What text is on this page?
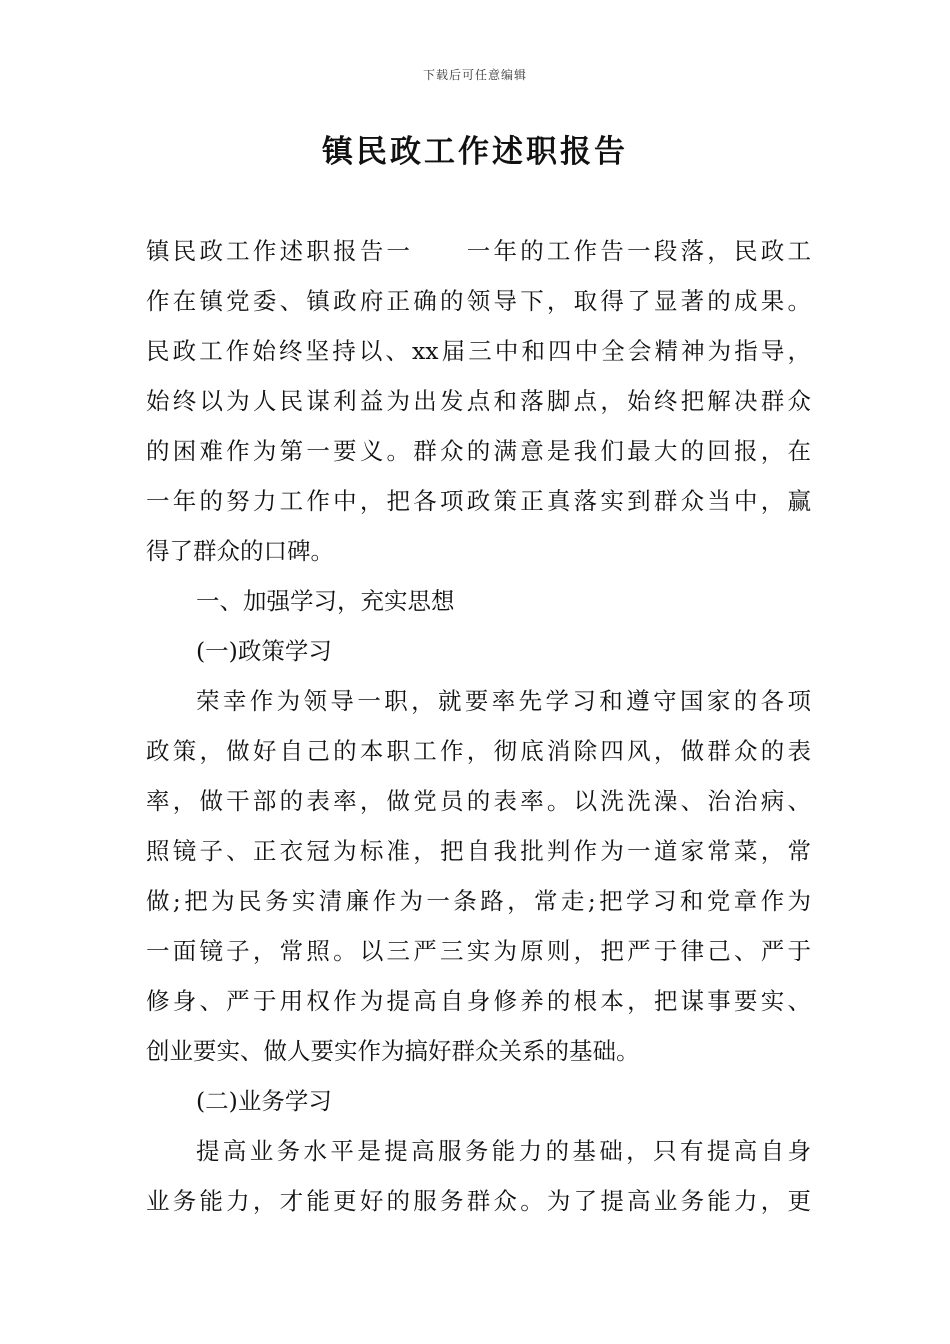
下载后可任意编辑
镇民政工作述职报告
镇民政工作述职报告一　　一年的工作告一段落，民政工
作在镇党委、镇政府正确的领导下，取得了显著的成果。
民政工作始终坚持以、xx届三中和四中全会精神为指导，
始终以为人民谋利益为出发点和落脚点，始终把解决群众
的困难作为第一要义。群众的满意是我们最大的回报，在
一年的努力工作中，把各项政策正真落实到群众当中，赢
得了群众的口碑。
一、加强学习，充实思想
(一)政策学习
荣幸作为领导一职，就要率先学习和遵守国家的各项
政策，做好自己的本职工作，彻底消除四风，做群众的表
率，做干部的表率，做党员的表率。以洗洗澡、治治病、
照镜子、正衣冠为标准，把自我批判作为一道家常菜，常
做;把为民务实清廉作为一条路，常走;把学习和党章作为
一面镜子，常照。以三严三实为原则，把严于律己、严于
修身、严于用权作为提高自身修养的根本，把谋事要实、
创业要实、做人要实作为搞好群众关系的基础。
(二)业务学习
提高业务水平是提高服务能力的基础，只有提高自身
业务能力，才能更好的服务群众。为了提高业务能力，更
